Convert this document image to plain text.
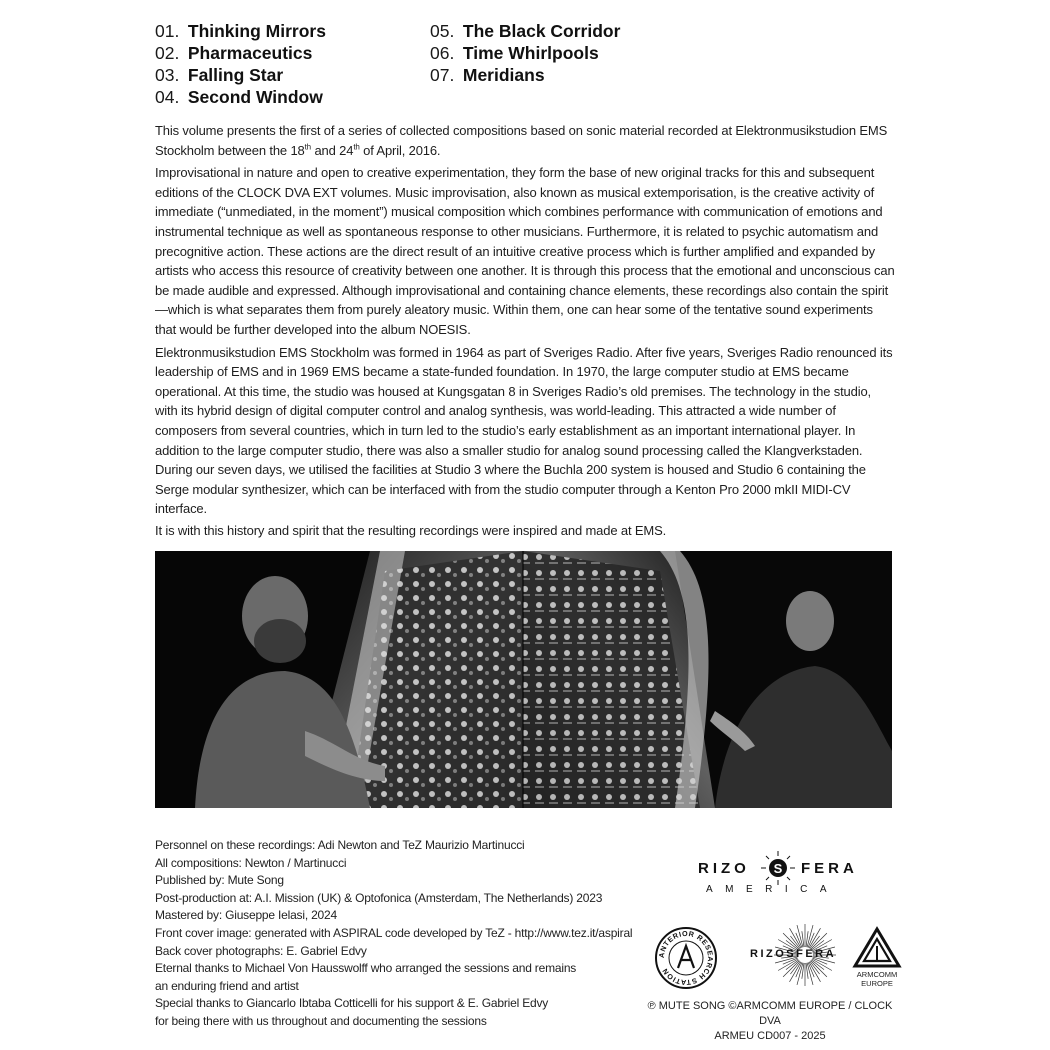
01. Thinking Mirrors
02. Pharmaceutics
03. Falling Star
04. Second Window
05. The Black Corridor
06. Time Whirlpools
07. Meridians

This volume presents the first of a series of collected compositions based on sonic material recorded at Elektronmusikstudion EMS Stockholm between the 18th and 24th of April, 2016.

Improvisational in nature and open to creative experimentation, they form the base of new original tracks for this and subsequent editions of the CLOCK DVA EXT volumes. Music improvisation, also known as musical extemporisation, is the creative activity of immediate (“unmediated, in the moment”) musical composition which combines performance with communication of emotions and instrumental technique as well as spontaneous response to other musicians. Furthermore, it is related to psychic automatism and precognitive action. These actions are the direct result of an intuitive creative process which is further amplified and expanded by artists who access this resource of creativity between one another. It is through this process that the emotional and unconscious can be made audible and expressed. Although improvisational and containing chance elements, these recordings also contain the spirit—which is what separates them from purely aleatory music. Within them, one can hear some of the tentative sound experiments that would be further developed into the album NOESIS.

Elektronmusikstudion EMS Stockholm was formed in 1964 as part of Sveriges Radio. After five years, Sveriges Radio renounced its leadership of EMS and in 1969 EMS became a state-funded foundation. In 1970, the large computer studio at EMS became operational. At this time, the studio was housed at Kungsgatan 8 in Sveriges Radio’s old premises. The technology in the studio, with its hybrid design of digital computer control and analog synthesis, was world-leading. This attracted a wide number of composers from several countries, which in turn led to the studio’s early establishment as an important international player. In addition to the large computer studio, there was also a smaller studio for analog sound processing called the Klangverkstaden. During our seven days, we utilised the facilities at Studio 3 where the Buchla 200 system is housed and Studio 6 containing the Serge modular synthesizer, which can be interfaced with from the studio computer through a Kenton Pro 2000 mkII MIDI-CV interface.

It is with this history and spirit that the resulting recordings were inspired and made at EMS.

Personnel on these recordings: Adi Newton and TeZ Maurizio Martinucci
All compositions: Newton / Martinucci
Published by: Mute Song
Post-production at: A.I. Mission (UK) & Optofonica (Amsterdam, The Netherlands) 2023
Mastered by: Giuseppe Ielasi, 2024
Front cover image: generated with ASPIRAL code developed by TeZ - http://www.tez.it/aspiral
Back cover photographs: E. Gabriel Edvy
Eternal thanks to Michael Von Hausswolff who arranged the sessions and remains
an enduring friend and artist
Special thanks to Giancarlo Ibtaba Cotticelli for his support & E. Gabriel Edvy
for being there with us throughout and documenting the sessions
RIZO S FERA
AMERICA
ANTERIOR RESEARCH STATION
RIZOSFERA
ARMCOMM
EUROPE
℗ MUTE SONG ©ARMCOMM EUROPE / CLOCK DVA
ARMEU CD007 - 2025
